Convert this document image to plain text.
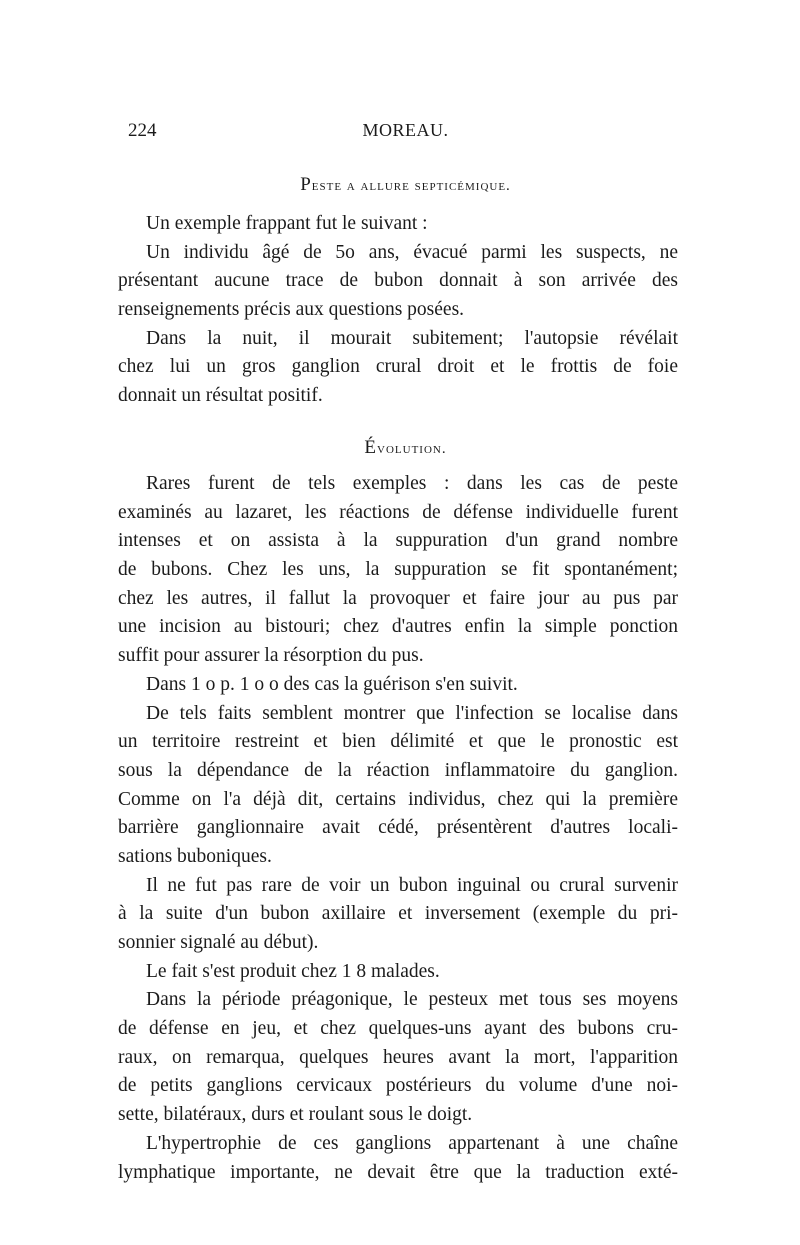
224	MOREAU.
Peste a allure septicémique.
Un exemple frappant fut le suivant :
Un individu âgé de 5o ans, évacué parmi les suspects, ne
présentant aucune trace de bubon donnait à son arrivée des
renseignements précis aux questions posées.
Dans la nuit, il mourait subitement; l'autopsie révélait
chez lui un gros ganglion crural droit et le frottis de foie
donnait un résultat positif.
Évolution.
Rares furent de tels exemples : dans les cas de peste
examinés au lazaret, les réactions de défense individuelle furent
intenses et on assista à la suppuration d'un grand nombre
de bubons. Chez les uns, la suppuration se fit spontanément;
chez les autres, il fallut la provoquer et faire jour au pus par
une incision au bistouri; chez d'autres enfin la simple ponction
suffit pour assurer la résorption du pus.
Dans 1 o p. 1 o o des cas la guérison s'en suivit.
De tels faits semblent montrer que l'infection se localise dans
un territoire restreint et bien délimité et que le pronostic est
sous la dépendance de la réaction inflammatoire du ganglion.
Comme on l'a déjà dit, certains individus, chez qui la première
barrière ganglionnaire avait cédé, présentèrent d'autres locali-
sations buboniques.
Il ne fut pas rare de voir un bubon inguinal ou crural survenir
à la suite d'un bubon axillaire et inversement (exemple du pri-
sonnier signalé au début).
Le fait s'est produit chez 1 8 malades.
Dans la période préagonique, le pesteux met tous ses moyens
de défense en jeu, et chez quelques-uns ayant des bubons cru-
raux, on remarqua, quelques heures avant la mort, l'apparition
de petits ganglions cervicaux postérieurs du volume d'une noi-
sette, bilatéraux, durs et roulant sous le doigt.
L'hypertrophie de ces ganglions appartenant à une chaîne
lymphatique importante, ne devait être que la traduction exté-
